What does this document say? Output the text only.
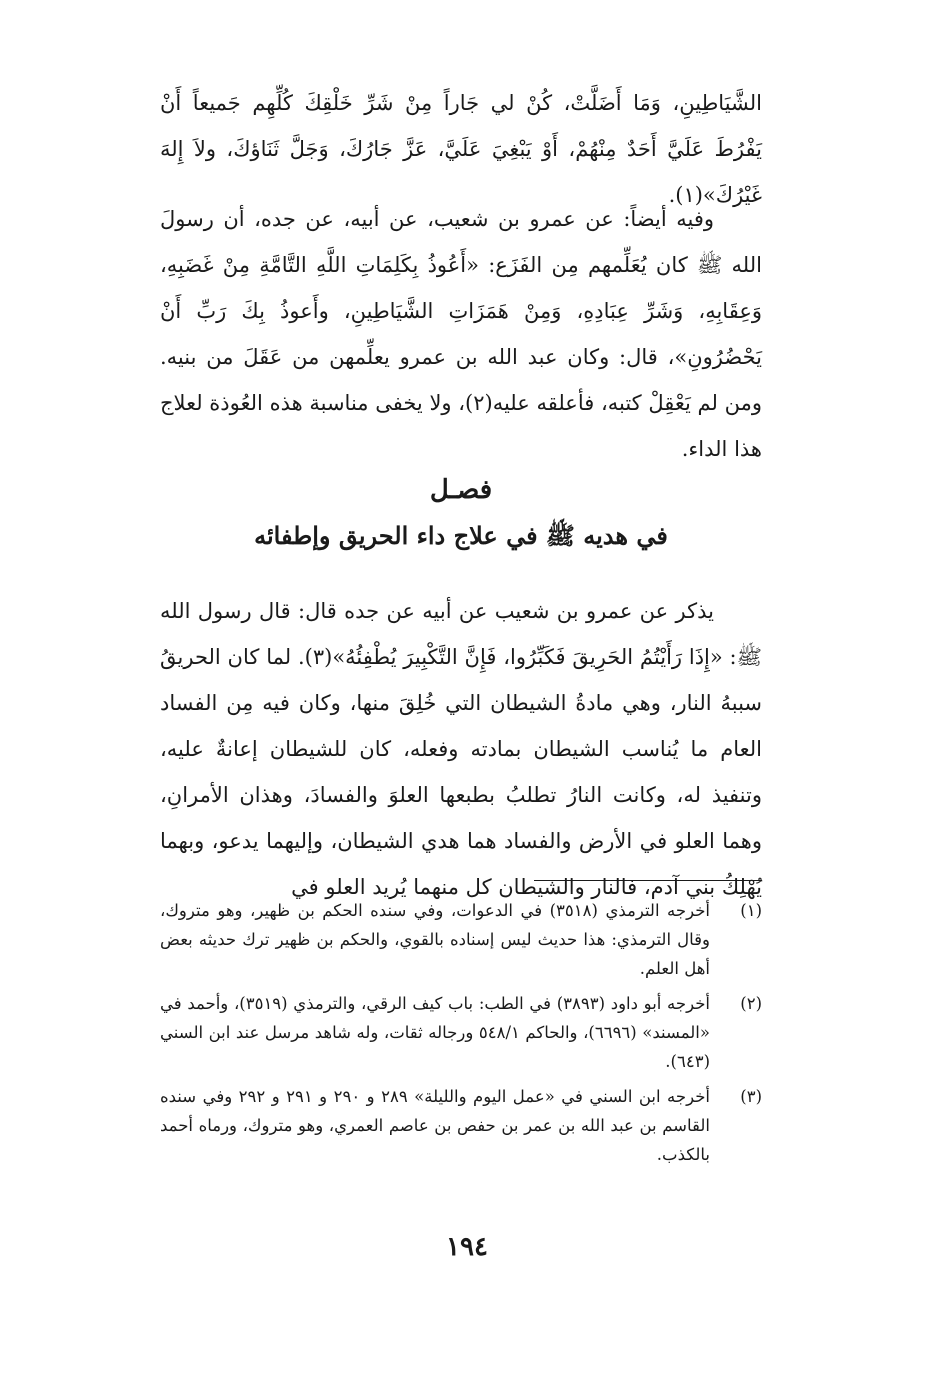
الشَّيَاطِينِ، وَمَا أَضَلَّتْ، كُنْ لي جَاراً مِنْ شَرِّ خَلْقِكَ كُلِّهِم جَميعاً أَنْ يَفْرُطَ عَلَيَّ أَحَدٌ مِنْهُمْ، أَوْ يَبْغِيَ عَلَيَّ، عَزَّ جَارُكَ، وَجَلَّ ثَنَاؤكَ، ولاَ إِلهَ غَيْرُكَ»(١).
وفيه أيضاً: عن عمرو بن شعيب، عن أبيه، عن جده، أن رسولَ الله ﷺ كان يُعَلِّمهم مِن الفَزَع: «أَعُوذُ بِكَلِمَاتِ اللَّهِ التَّامَّةِ مِنْ غَضَبِهِ، وَعِقَابِهِ، وَشَرِّ عِبَادِهِ، وَمِنْ هَمَزَاتِ الشَّيَاطِينِ، وأَعوذُ بِكَ رَبِّ أَنْ يَحْضُرُونِ»، قال: وكان عبد الله بن عمرو يعلِّمهن من عَقَلَ من بنيه. ومن لم يَعْقِلْ كتبه، فأعلقه عليه(٢)، ولا يخفى مناسبة هذه العُوذة لعلاج هذا الداء.
فصـل
في هديه ﷺ في علاج داء الحريق وإطفائه
يذكر عن عمرو بن شعيب عن أبيه عن جده قال: قال رسول الله ﷺ: «إِذَا رَأَيْتُمُ الحَرِيقَ فَكَبِّرُوا، فَإِنَّ التَّكْبِيرَ يُطْفِئُهُ»(٣). لما كان الحريقُ سببهُ النار، وهي مادةُ الشيطان التي خُلِقَ منها، وكان فيه مِن الفساد العام ما يُناسب الشيطان بمادته وفعله، كان للشيطان إعانةٌ عليه، وتنفيذ له، وكانت النارُ تطلبُ بطبعها العلوَ والفسادَ، وهذان الأمرانِ، وهما العلو في الأرض والفساد هما هدي الشيطان، وإليهما يدعو، وبهما يُهْلِكُ بني آدم، فالنار والشيطان كل منهما يُريد العلو في
(١)
أخرجه الترمذي (٣٥١٨) في الدعوات، وفي سنده الحكم بن ظهير، وهو متروك، وقال الترمذي: هذا حديث ليس إسناده بالقوي، والحكم بن ظهير ترك حديثه بعض أهل العلم.
(٢)
أخرجه أبو داود (٣٨٩٣) في الطب: باب كيف الرقي، والترمذي (٣٥١٩)، وأحمد في «المسند» (٦٦٩٦)، والحاكم ٥٤٨/١ ورجاله ثقات، وله شاهد مرسل عند ابن السني (٦٤٣).
(٣)
أخرجه ابن السني في «عمل اليوم والليلة» ٢٨٩ و ٢٩٠ و ٢٩١ و ٢٩٢ وفي سنده القاسم بن عبد الله بن عمر بن حفص بن عاصم العمري، وهو متروك، ورماه أحمد بالكذب.
١٩٤
